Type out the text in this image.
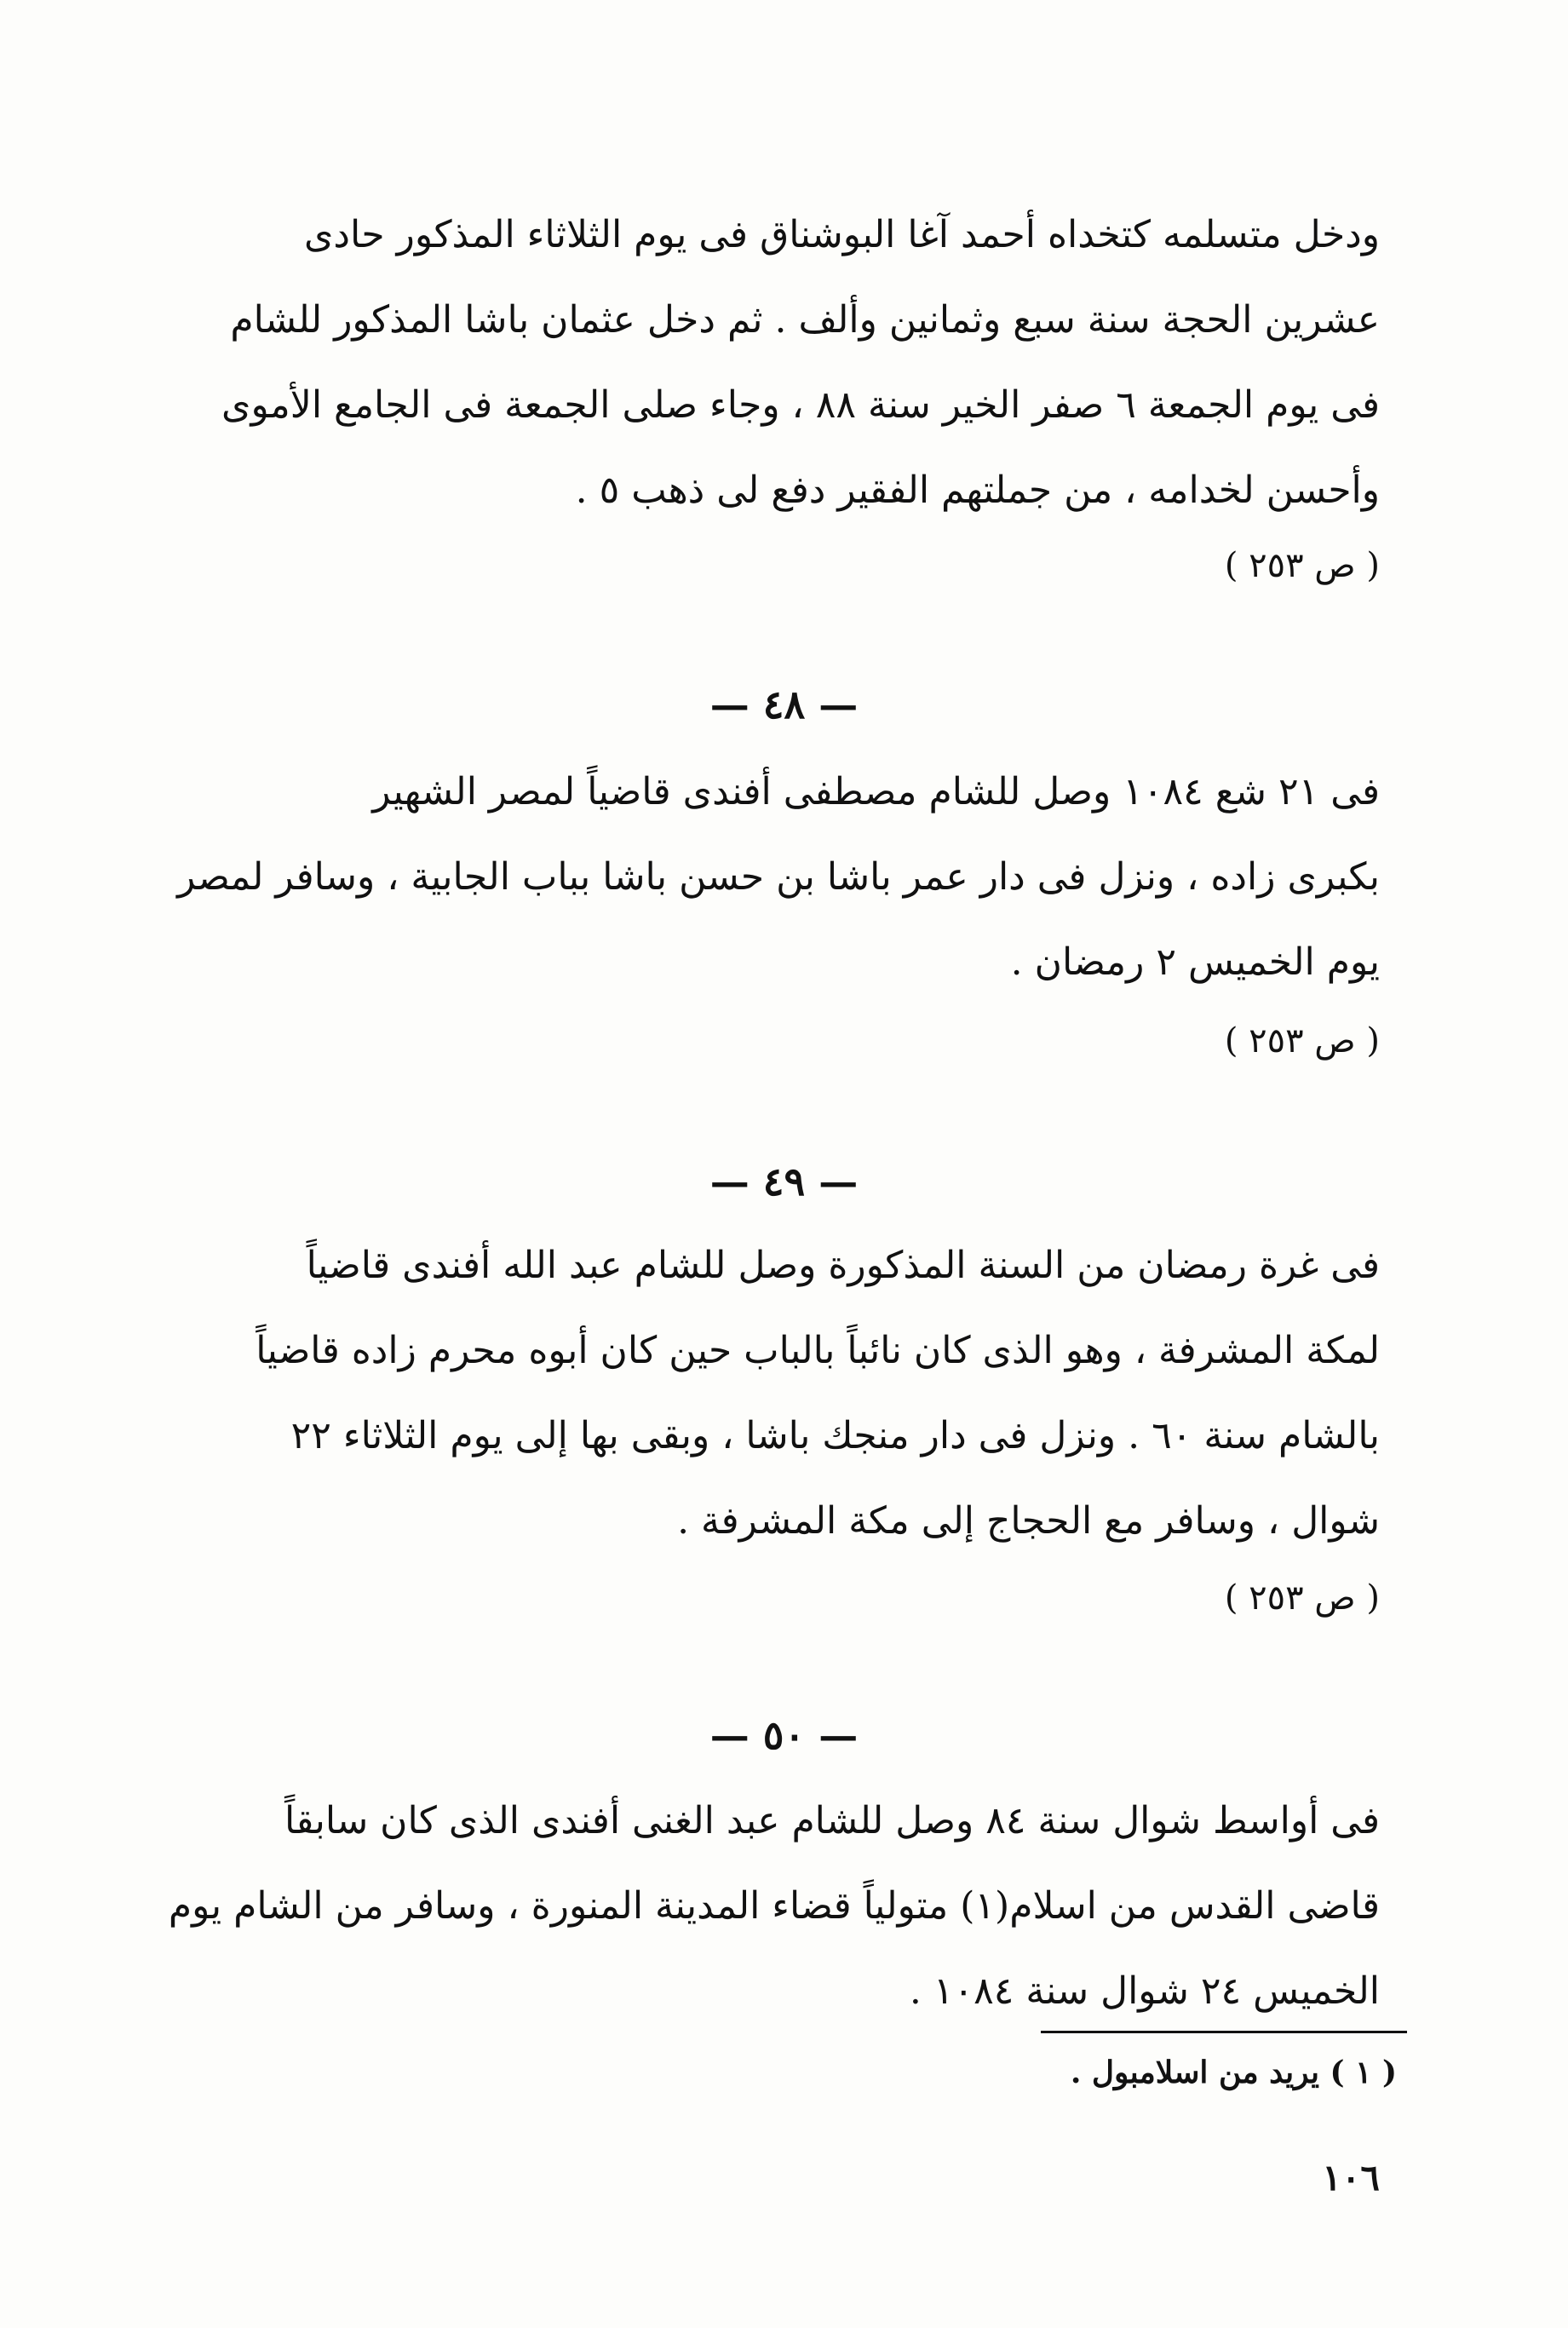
ودخل متسلمه كتخداه أحمد آغا البوشناق فى يوم الثلاثاء المذكور حادى
عشرين الحجة سنة سبع وثمانين وألف . ثم دخل عثمان باشا المذكور للشام
فى يوم الجمعة ٦ صفر الخير سنة ٨٨ ، وجاء صلى الجمعة فى الجامع الأموى
وأحسن لخدامه ، من جملتهم الفقير دفع لى ذهب ٥ .
( ص ٢٥٣ )
— ٤٨ —
فى ٢١ شع ١٠٨٤ وصل للشام مصطفى أفندى قاضياً لمصر الشهير
بكبرى زاده ، ونزل فى دار عمر باشا بن حسن باشا بباب الجابية ، وسافر لمصر
يوم الخميس ٢ رمضان .
( ص ٢٥٣ )
— ٤٩ —
فى غرة رمضان من السنة المذكورة وصل للشام عبد الله أفندى قاضياً
لمكة المشرفة ، وهو الذى كان نائباً بالباب حين كان أبوه محرم زاده قاضياً
بالشام سنة ٦٠ . ونزل فى دار منجك باشا ، وبقى بها إلى يوم الثلاثاء ٢٢
شوال ، وسافر مع الحجاج إلى مكة المشرفة .
( ص ٢٥٣ )
— ٥٠ —
فى أواسط شوال سنة ٨٤ وصل للشام عبد الغنى أفندى الذى كان سابقاً
قاضى القدس من اسلام(١) متولياً قضاء المدينة المنورة ، وسافر من الشام يوم
الخميس ٢٤ شوال سنة ١٠٨٤ .
( ١ ) يريد من اسلامبول .
١٠٦
